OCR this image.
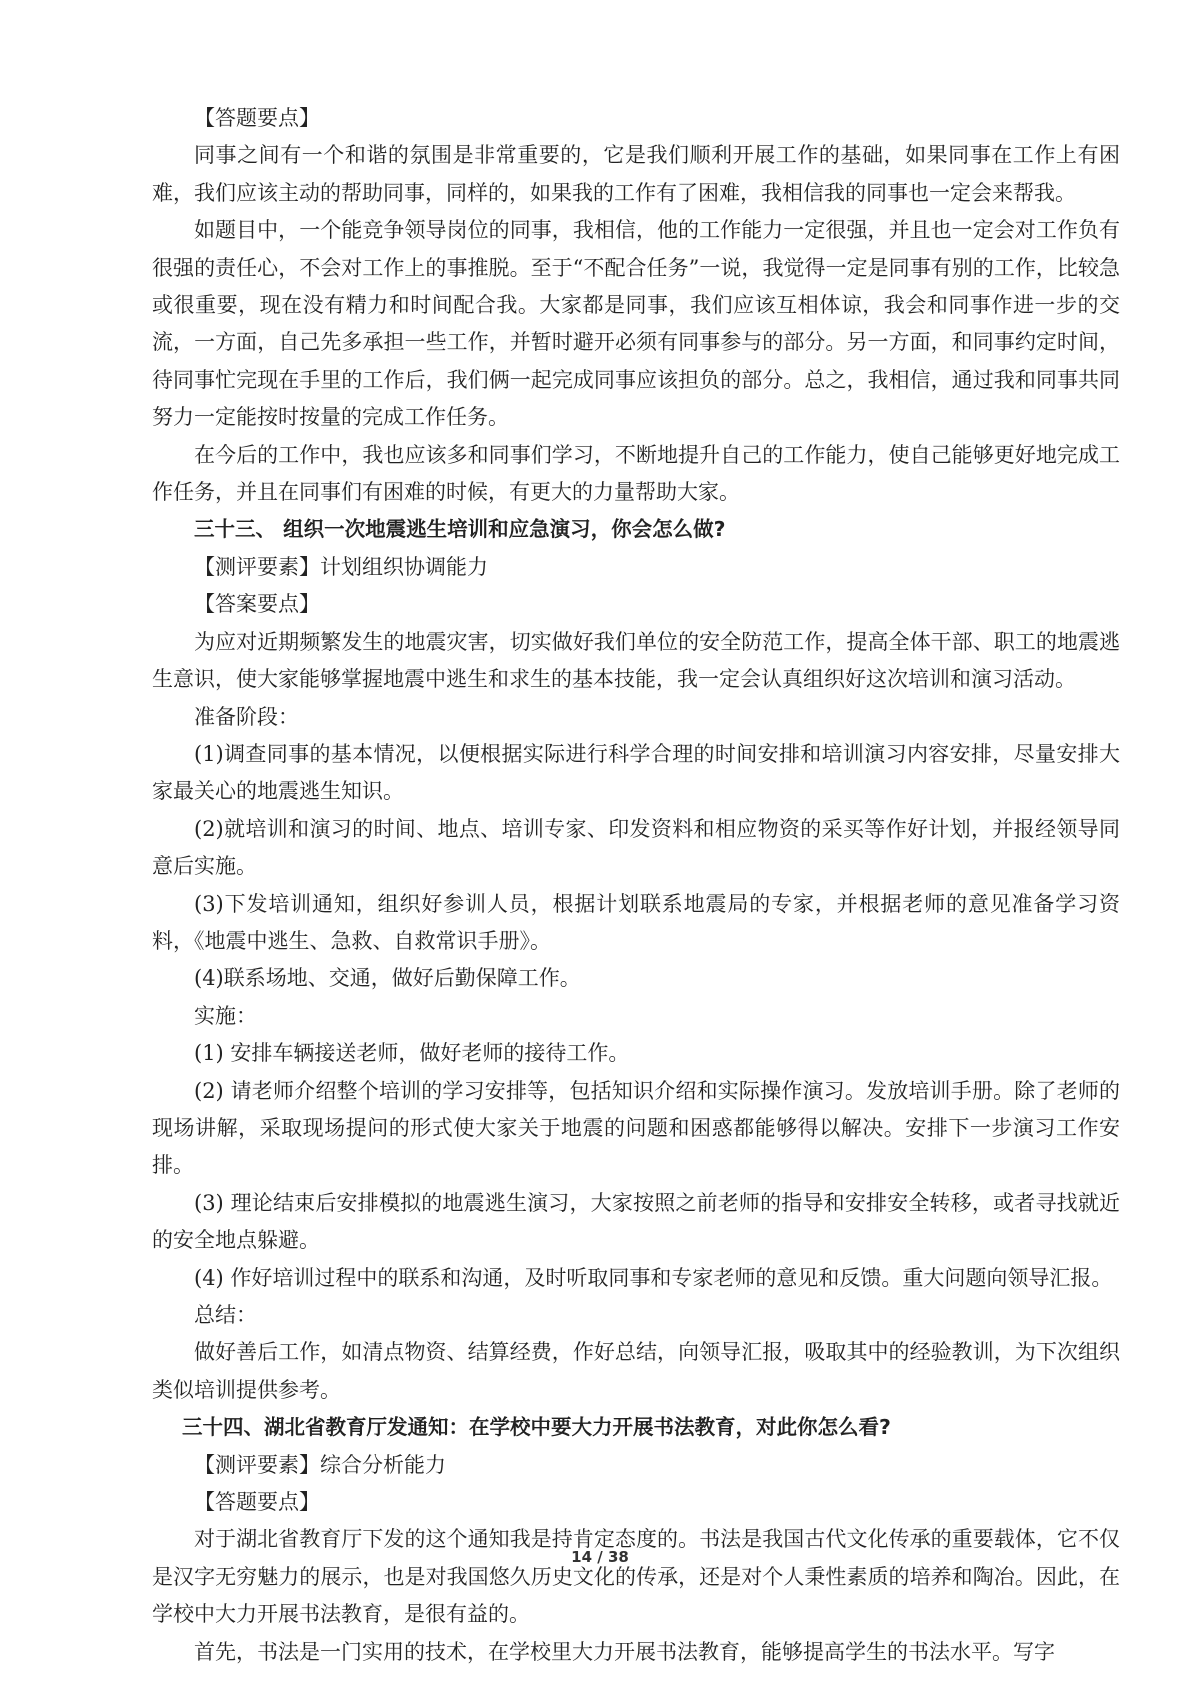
【答题要点】

同事之间有一个和谐的氛围是非常重要的，它是我们顺利开展工作的基础，如果同事在工作上有困难，我们应该主动的帮助同事，同样的，如果我的工作有了困难，我相信我的同事也一定会来帮我。

如题目中，一个能竞争领导岗位的同事，我相信，他的工作能力一定很强，并且也一定会对工作负有很强的责任心，不会对工作上的事推脱。至于“不配合任务”一说，我觉得一定是同事有别的工作，比较急或很重要，现在没有精力和时间配合我。大家都是同事，我们应该互相体谅，我会和同事作进一步的交流，一方面，自己先多承担一些工作，并暂时避开必须有同事参与的部分。另一方面，和同事约定时间，待同事忙完现在手里的工作后，我们俩一起完成同事应该担负的部分。总之，我相信，通过我和同事共同努力一定能按时按量的完成工作任务。

在今后的工作中，我也应该多和同事们学习，不断地提升自己的工作能力，使自己能够更好地完成工作任务，并且在同事们有困难的时候，有更大的力量帮助大家。

三十三、 组织一次地震逃生培训和应急演习，你会怎么做?

【测评要素】计划组织协调能力

【答案要点】

为应对近期频繁发生的地震灾害，切实做好我们单位的安全防范工作，提高全体干部、职工的地震逃生意识，使大家能够掌握地震中逃生和求生的基本技能，我一定会认真组织好这次培训和演习活动。

准备阶段：

(1)调查同事的基本情况，以便根据实际进行科学合理的时间安排和培训演习内容安排，尽量安排大家最关心的地震逃生知识。

(2)就培训和演习的时间、地点、培训专家、印发资料和相应物资的采买等作好计划，并报经领导同意后实施。

(3)下发培训通知，组织好参训人员，根据计划联系地震局的专家，并根据老师的意见准备学习资料，《地震中逃生、急救、自救常识手册》。

(4)联系场地、交通，做好后勤保障工作。

实施：

(1) 安排车辆接送老师，做好老师的接待工作。

(2) 请老师介绍整个培训的学习安排等，包括知识介绍和实际操作演习。发放培训手册。除了老师的现场讲解，采取现场提问的形式使大家关于地震的问题和困惑都能够得以解决。安排下一步演习工作安排。

(3) 理论结束后安排模拟的地震逃生演习，大家按照之前老师的指导和安排安全转移，或者寻找就近的安全地点躲避。

(4) 作好培训过程中的联系和沟通，及时听取同事和专家老师的意见和反馈。重大问题向领导汇报。

总结：

做好善后工作，如清点物资、结算经费，作好总结，向领导汇报，吸取其中的经验教训，为下次组织类似培训提供参考。

三十四、湖北省教育厅发通知：在学校中要大力开展书法教育，对此你怎么看?

【测评要素】综合分析能力

【答题要点】

对于湖北省教育厅下发的这个通知我是持肯定态度的。书法是我国古代文化传承的重要载体，它不仅是汉字无穷魅力的展示，也是对我国悠久历史文化的传承，还是对个人秉性素质的培养和陶冶。因此，在学校中大力开展书法教育，是很有益的。

首先，书法是一门实用的技术，在学校里大力开展书法教育，能够提高学生的书法水平。写字

14 / 38
